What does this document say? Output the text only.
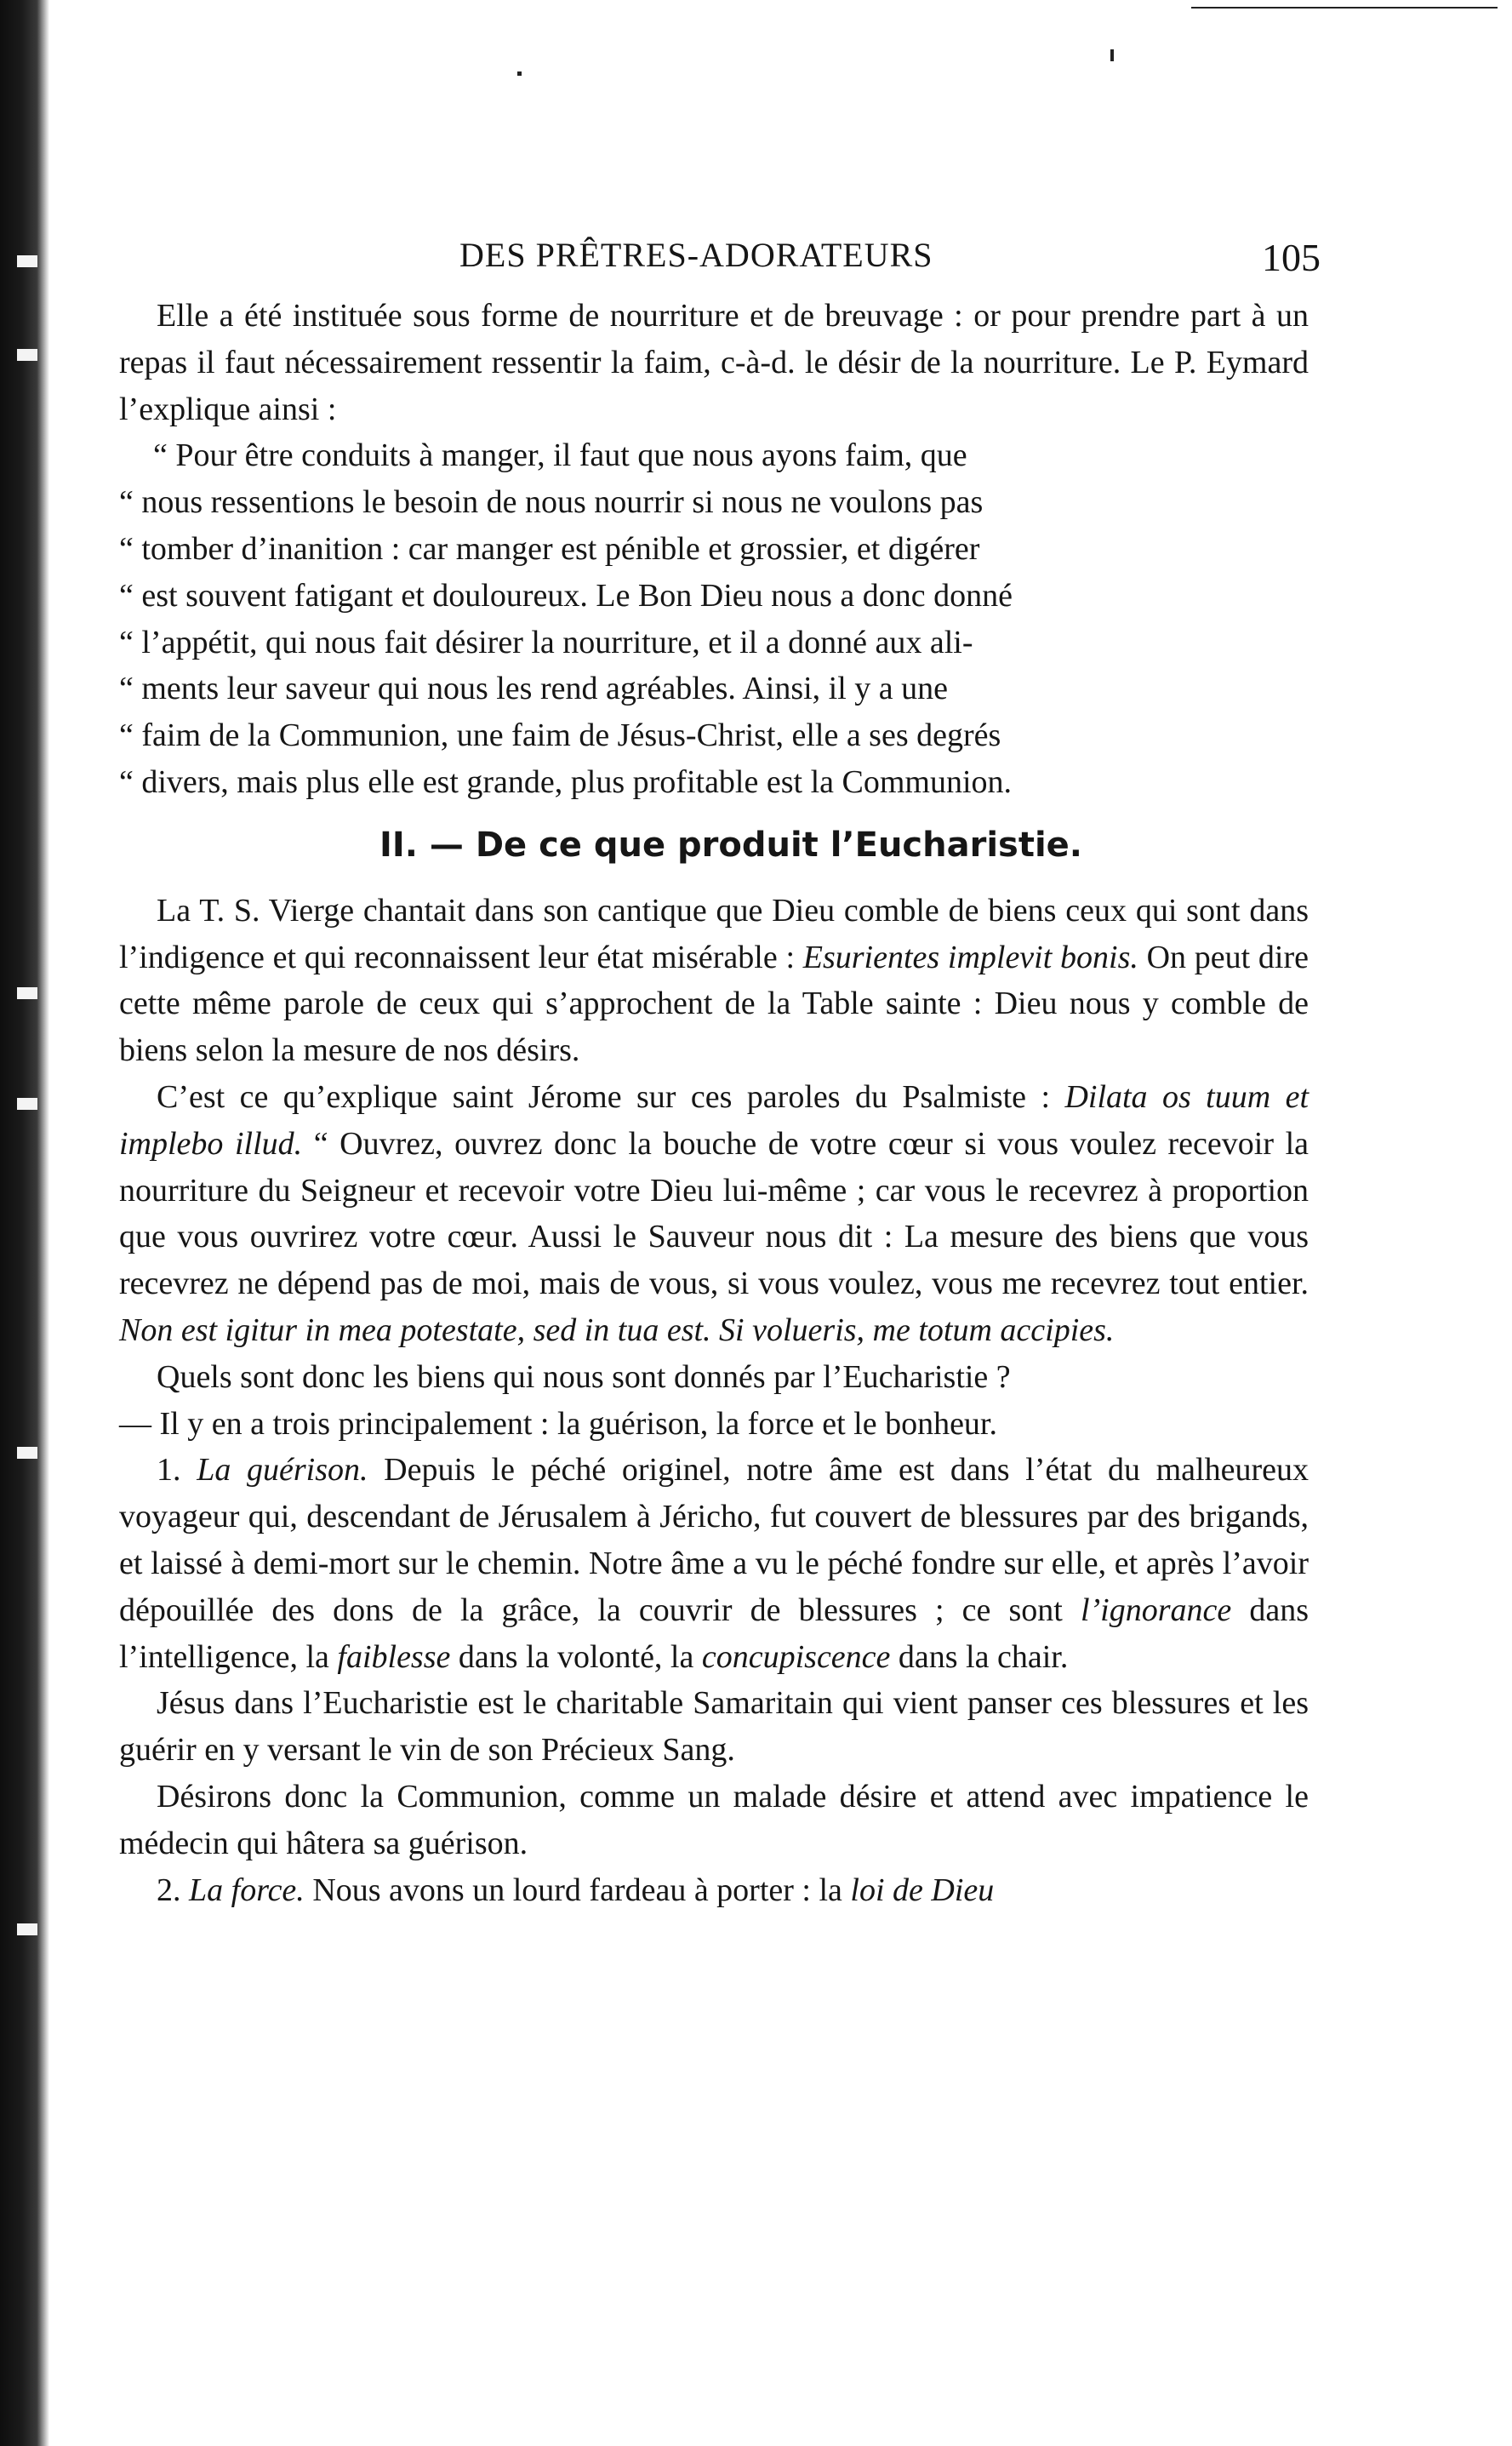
DES PRÊTRES-ADORATEURS	105

Elle a été instituée sous forme de nourriture et de breuvage : or pour prendre part à un repas il faut nécessairement ressentir la faim, c-à-d. le désir de la nourriture. Le P. Eymard l’explique ainsi :

“ Pour être conduits à manger, il faut que nous ayons faim, que

“ nous ressentions le besoin de nous nourrir si nous ne voulons pas

“ tomber d’inanition : car manger est pénible et grossier, et digérer

“ est souvent fatigant et douloureux. Le Bon Dieu nous a donc donné

“ l’appétit, qui nous fait désirer la nourriture, et il a donné aux ali-

“ ments leur saveur qui nous les rend agréables. Ainsi, il y a une

“ faim de la Communion, une faim de Jésus-Christ, elle a ses degrés

“ divers, mais plus elle est grande, plus profitable est la Communion.

II. — De ce que produit l’Eucharistie.

La T. S. Vierge chantait dans son cantique que Dieu comble de biens ceux qui sont dans l’indigence et qui reconnaissent leur état misérable : Esurientes implevit bonis. On peut dire cette même parole de ceux qui s’approchent de la Table sainte : Dieu nous y comble de biens selon la mesure de nos désirs.

C’est ce qu’explique saint Jérome sur ces paroles du Psalmiste : Dilata os tuum et implebo illud. “ Ouvrez, ouvrez donc la bouche de votre cœur si vous voulez recevoir la nourriture du Seigneur et recevoir votre Dieu lui-même ; car vous le recevrez à proportion que vous ouvrirez votre cœur. Aussi le Sauveur nous dit : La mesure des biens que vous recevrez ne dépend pas de moi, mais de vous, si vous voulez, vous me recevrez tout entier. Non est igitur in mea potestate, sed in tua est. Si volueris, me totum accipies.

Quels sont donc les biens qui nous sont donnés par l’Eucharistie ?

— Il y en a trois principalement : la guérison, la force et le bonheur.

1. La guérison. Depuis le péché originel, notre âme est dans l’état du malheureux voyageur qui, descendant de Jérusalem à Jéricho, fut couvert de blessures par des brigands, et laissé à demi-mort sur le chemin. Notre âme a vu le péché fondre sur elle, et après l’avoir dépouillée des dons de la grâce, la couvrir de blessures ; ce sont l’ignorance dans l’intelligence, la faiblesse dans la volonté, la concupiscence dans la chair.

Jésus dans l’Eucharistie est le charitable Samaritain qui vient panser ces blessures et les guérir en y versant le vin de son Précieux Sang.

Désirons donc la Communion, comme un malade désire et attend avec impatience le médecin qui hâtera sa guérison.

2. La force. Nous avons un lourd fardeau à porter : la loi de Dieu
